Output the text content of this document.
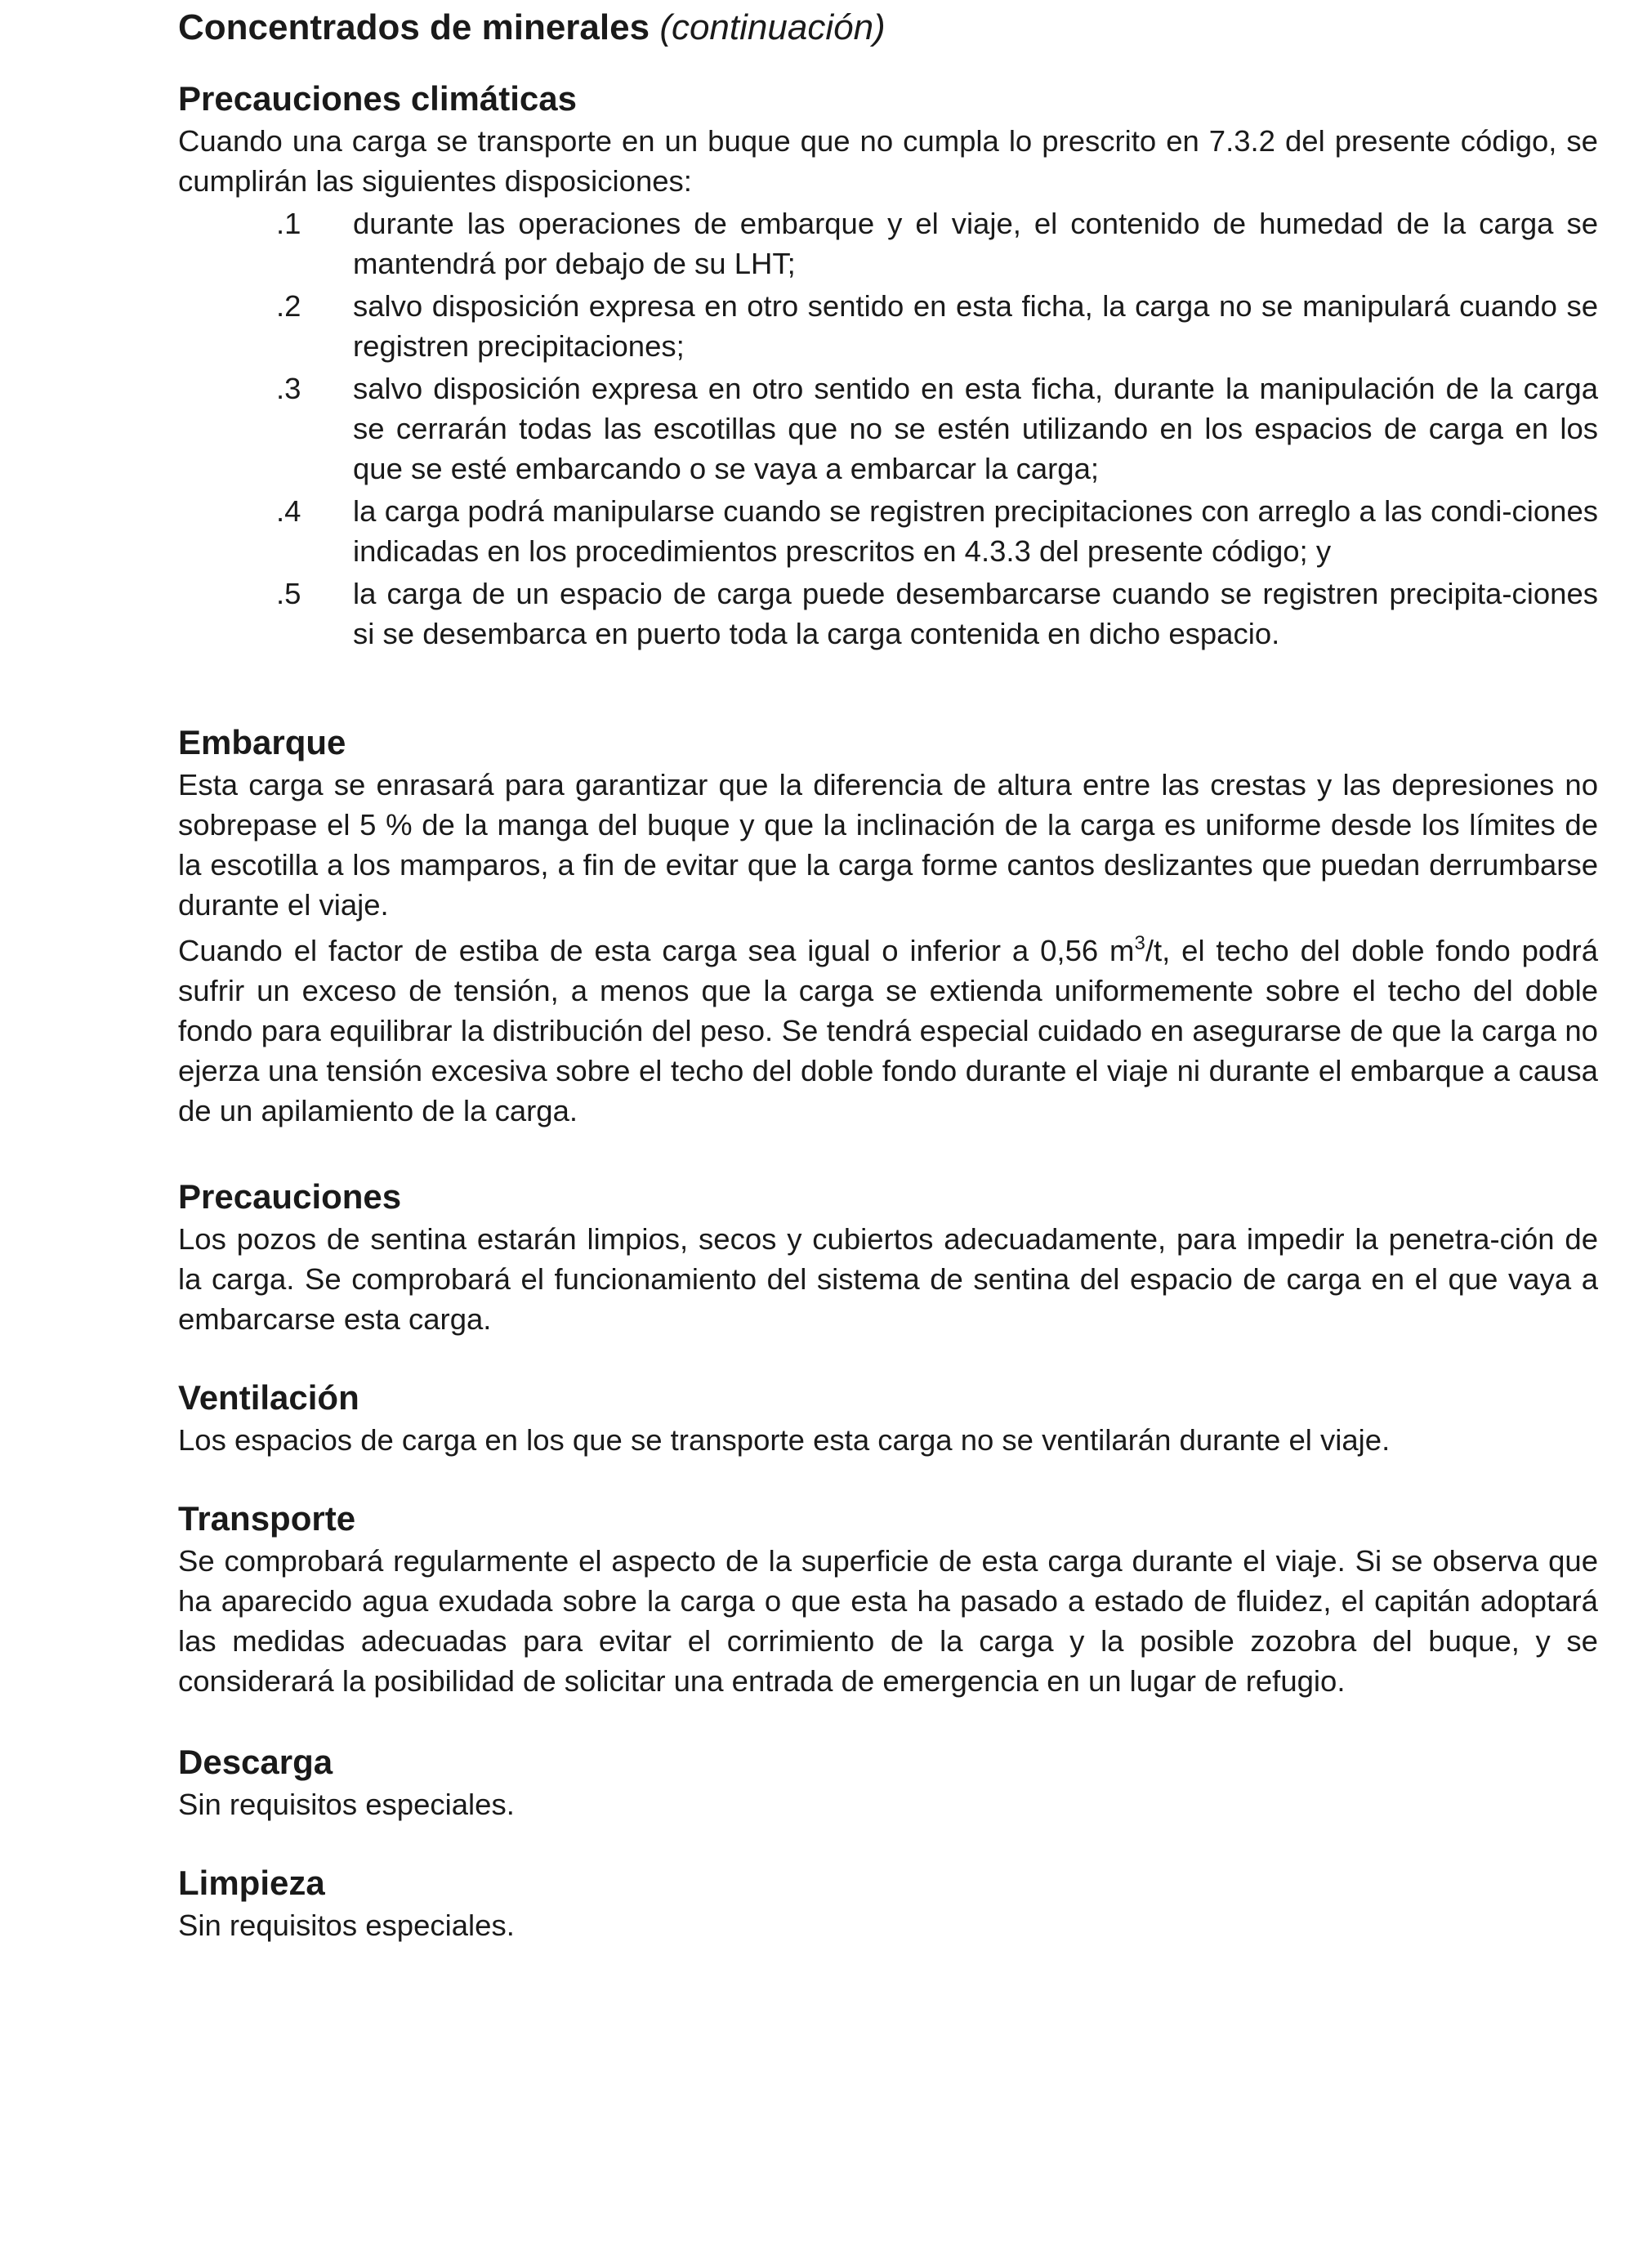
Concentrados de minerales (continuación)
Precauciones climáticas

Cuando una carga se transporte en un buque que no cumpla lo prescrito en 7.3.2 del presente código, se cumplirán las siguientes disposiciones:

.1	durante las operaciones de embarque y el viaje, el contenido de humedad de la carga se mantendrá por debajo de su LHT;
.2	salvo disposición expresa en otro sentido en esta ficha, la carga no se manipulará cuando se registren precipitaciones;
.3	salvo disposición expresa en otro sentido en esta ficha, durante la manipulación de la carga se cerrarán todas las escotillas que no se estén utilizando en los espacios de carga en los que se esté embarcando o se vaya a embarcar la carga;
.4	la carga podrá manipularse cuando se registren precipitaciones con arreglo a las condi-ciones indicadas en los procedimientos prescritos en 4.3.3 del presente código; y
.5	la carga de un espacio de carga puede desembarcarse cuando se registren precipita-ciones si se desembarca en puerto toda la carga contenida en dicho espacio.
Embarque

Esta carga se enrasará para garantizar que la diferencia de altura entre las crestas y las depresiones no sobrepase el 5 % de la manga del buque y que la inclinación de la carga es uniforme desde los límites de la escotilla a los mamparos, a fin de evitar que la carga forme cantos deslizantes que puedan derrumbarse durante el viaje.

Cuando el factor de estiba de esta carga sea igual o inferior a 0,56 $m^3/t$, el techo del doble fondo podrá sufrir un exceso de tensión, a menos que la carga se extienda uniformemente sobre el techo del doble fondo para equilibrar la distribución del peso. Se tendrá especial cuidado en asegurarse de que la carga no ejerza una tensión excesiva sobre el techo del doble fondo durante el viaje ni durante el embarque a causa de un apilamiento de la carga.

Precauciones

Los pozos de sentina estarán limpios, secos y cubiertos adecuadamente, para impedir la penetra-ción de la carga. Se comprobará el funcionamiento del sistema de sentina del espacio de carga en el que vaya a embarcarse esta carga.

Ventilación

Los espacios de carga en los que se transporte esta carga no se ventilarán durante el viaje.

Transporte

Se comprobará regularmente el aspecto de la superficie de esta carga durante el viaje. Si se observa que ha aparecido agua exudada sobre la carga o que esta ha pasado a estado de fluidez, el capitán adoptará las medidas adecuadas para evitar el corrimiento de la carga y la posible zozobra del buque, y se considerará la posibilidad de solicitar una entrada de emergencia en un lugar de refugio.

Descarga

Sin requisitos especiales.

Limpieza

Sin requisitos especiales.
